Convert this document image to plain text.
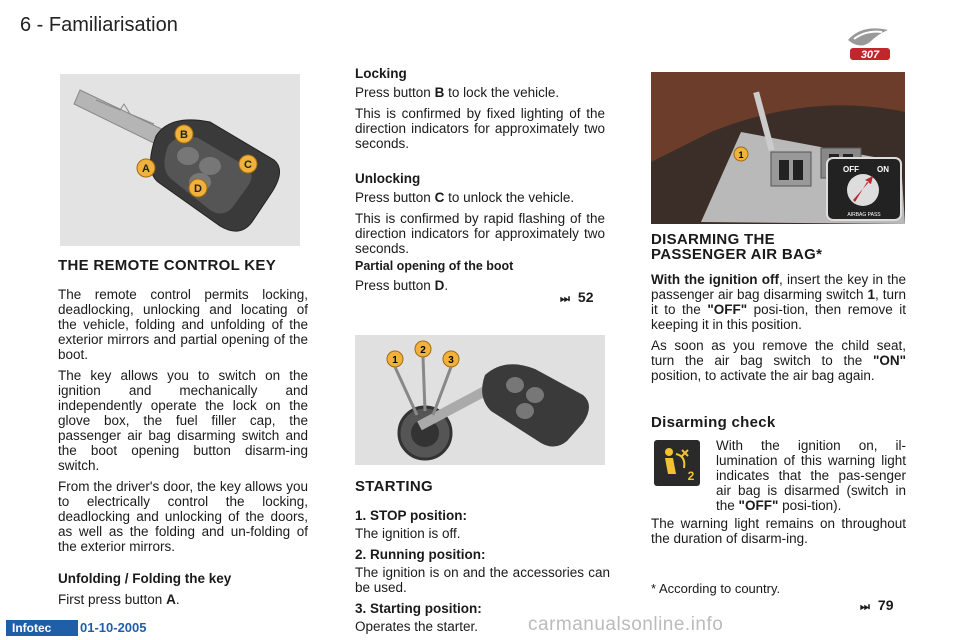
6 - Familiarisation
307
B
A	C
D
THE REMOTE CONTROL KEY

The remote control permits locking, deadlocking, unlocking and locating of the vehicle, folding and unfolding of the exterior mirrors and partial opening of the boot.

The key allows you to switch on the ignition and mechanically and independently operate the lock on the glove box, the fuel filler cap, the passenger air bag disarming switch and the boot opening button disarm-ing switch.

From the driver's door, the key allows you to electrically control the locking, deadlocking and unlocking of the doors, as well as the folding and un-folding of the exterior mirrors.

Unfolding / Folding the key
First press button A.
Locking

Press button B to lock the vehicle.

This is confirmed by fixed lighting of the direction indicators for approximately two seconds.

Unlocking

Press button C to unlock the vehicle.

This is confirmed by rapid flashing of the direction indicators for approximately two seconds.

Partial opening of the boot
Press button D.
⏭ 52
1
2
3
STARTING
1. STOP position:

The ignition is off.

2. Running position:

The ignition is on and the accessories can be used.

3. Starting position:

Operates the starter.

1
OFF ON
AIRBAG PASS
DISARMING THE
PASSENGER AIR BAG*

With the ignition off, insert the key in the passenger air bag disarming switch 1, turn it to the "OFF" posi-tion, then remove it keeping it in this position.

As soon as you remove the child seat, turn the air bag switch to the "ON" position, to activate the air bag again.

Disarming check
2

With the ignition on, il-lumination of this warning light indicates that the pas-senger air bag is disarmed (switch in the "OFF" posi-tion).

The warning light remains on throughout the duration of disarm-ing.

* According to country.
⏭ 79
Infotec	01-10-2005	carmanualsonline.info
